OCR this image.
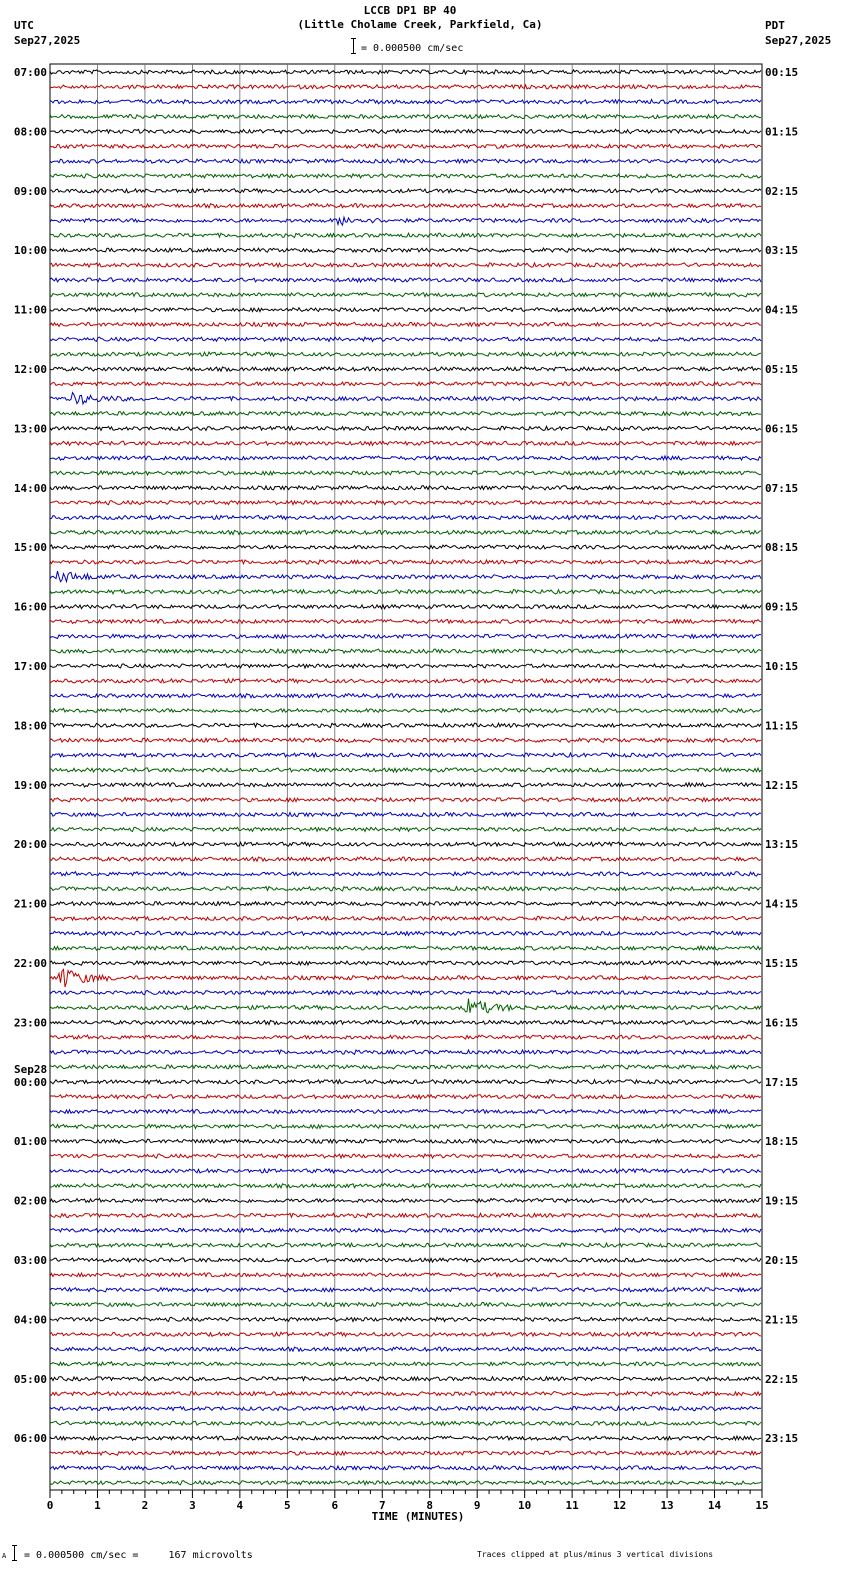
LCCB DP1 BP 40
(Little Cholame Creek, Parkfield, Ca)
UTC
Sep27,2025
PDT
Sep27,2025
= 0.000500 cm/sec
07:00
08:00
09:00
10:00
11:00
12:00
13:00
14:00
15:00
16:00
17:00
18:00
19:00
20:00
21:00
22:00
23:00
00:00
01:00
02:00
03:00
04:00
05:00
06:00
00:15
01:15
02:15
03:15
04:15
05:15
06:15
07:15
08:15
09:15
10:15
11:15
12:15
13:15
14:15
15:15
16:15
17:15
18:15
19:15
20:15
21:15
22:15
23:15
Sep28
0	1	2	3	4	5	6	7	8	9	10	11	12	13	14	15
TIME (MINUTES)
A = 0.000500 cm/sec =     167 microvolts	Traces clipped at plus/minus 3 vertical divisions
